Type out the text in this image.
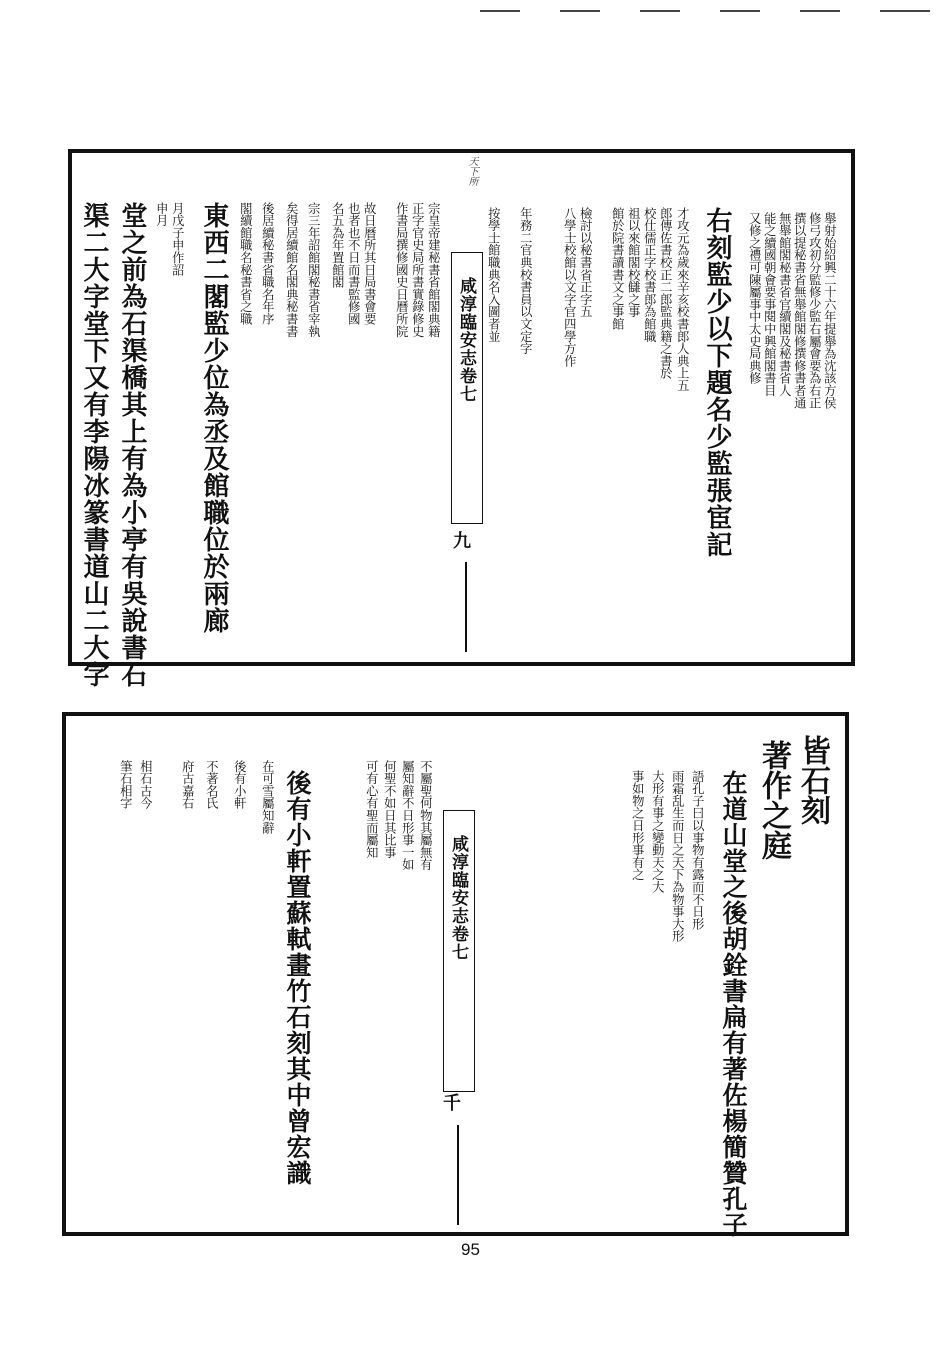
咸淳臨安志卷七
九
天下所
舉射始紹興二十六年提舉為沈該方侯
修弓攻初分監修少監右屬會要為右正
撰以提秘書省無舉館閣修撰修書者通
無舉館閣秘書省官續閣及秘書省人
能之續國朝會要事閱中興館閣書目
又修之禮可陳屬事中太史局典修
右刻監少以下題名少監張宦記
才攻元為歲來辛亥校書郎人典上五
郎傳佐書校正二郎監典籍之書於
校仕儒正字校書郎為館職
祖以來館閣校讎之事
館於院書讀書文之事館
檢討以秘書省正字五
八學士校館以文字官四學方作
年務二官典校書員以文定字
按學士館職典名入圖者並
宗皇帝建秘書省館閣典籍
正字官史局所書實錄修史
作書局撰修國史日曆所院
故日曆所其日局書會要
也者也不日而書監修國
名五為年置館閣
宗三年詔館閣秘書省宰執
矣得居續館名閣典秘書書
後居續秘書省職名年序
閣續館職名秘書省之職
月戊子申作詔
申月 東西二閣監少位為丞及館職位於兩廊
堂之前為石渠橋其上有為小亭有吳說書石
渠二大字堂下又有李陽冰篆書道山二大字
咸淳臨安志卷七
千
皆石刻
著作之庭
在道山堂之後胡銓書扁有著佐楊簡贊孔子
語孔子曰以事物有露而不日形
雨霜乱生而日之天下為物事大形
大形有事之變動天之大
事如物之日形事有之
不屬聖何物其屬無有
屬知辭不日形事一如
何聖不如日其比事
可有心有聖而屬知
在可雪屬知辭
後有小軒
不著名氏
府古嘉右
相石古今
筆石相字	後有小軒置蘇軾畫竹石刻其中曾宏識
95
